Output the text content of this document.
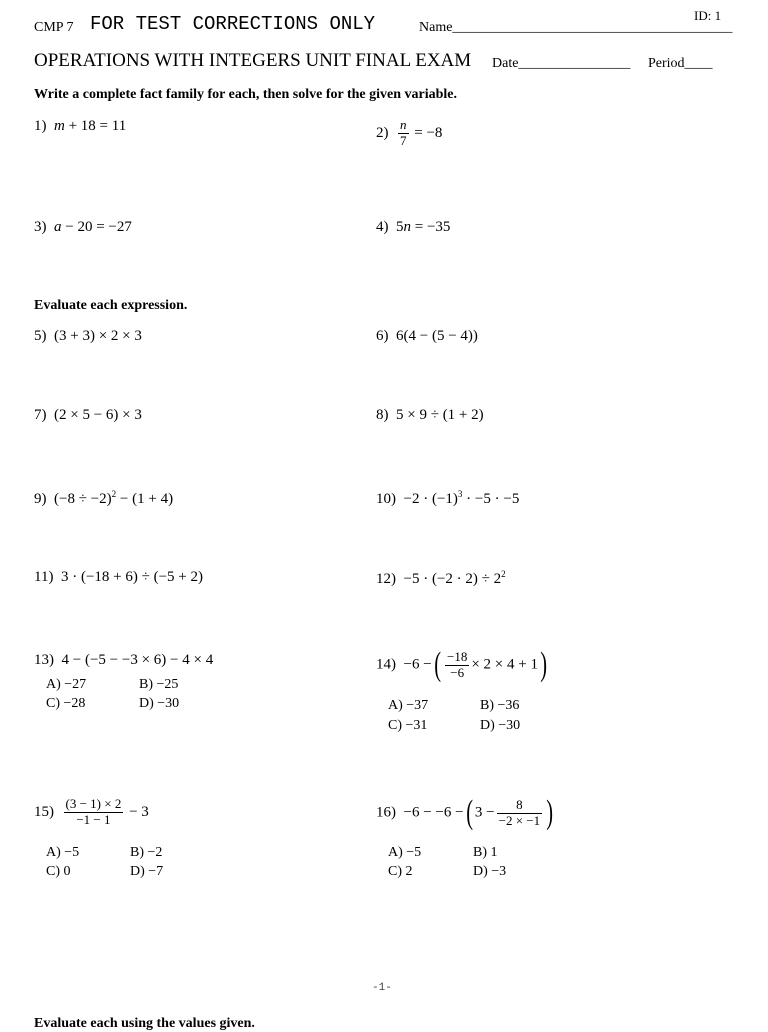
CMP 7 FOR TEST CORRECTIONS ONLY	Name________________________________________
ID: 1
OPERATIONS WITH INTEGERS UNIT FINAL EXAM Date________________ Period____
Write a complete fact family for each, then solve for the given variable.
1) m + 18 = 11	$2) \frac{n}{7} = -8$
3) a − 20 = −27	4) 5n = −35
Evaluate each expression.
5) (3 + 3) × 2 × 3	6) 6(4 − (5 − 4))
7) (2 × 5 − 6) × 3	8) 5 × 9 ÷ (1 + 2)
9) $(-8 \div -2)^2 - (1 + 4)$	$10) -2 \cdot (-1)^3 \cdot -5 \cdot -5$
11) 3 · (−18 + 6) ÷ (−5 + 2)	$12) -5 \cdot (-2 \cdot 2) \div 2^2$
13) 4 − (−5 − −3 × 6) − 4 × 4
A) −27	B) −25
C) −28	D) −30
14) −6 −( $\frac{-18}{-6} \times 2 \times 4 + 1$)
A) −37	B) −36
C) −31	D) −30
$15) \frac{(3 - 1) \times 2}{-1 - 1} - 3$
A) −5	B) −2
C) 0	D) −7
16) −6 − −6 −( $3 - \frac{8}{-2 \times -1}$ )
A) −5	B) 1
C) 2	D) −3
-1-
Evaluate each using the values given.
